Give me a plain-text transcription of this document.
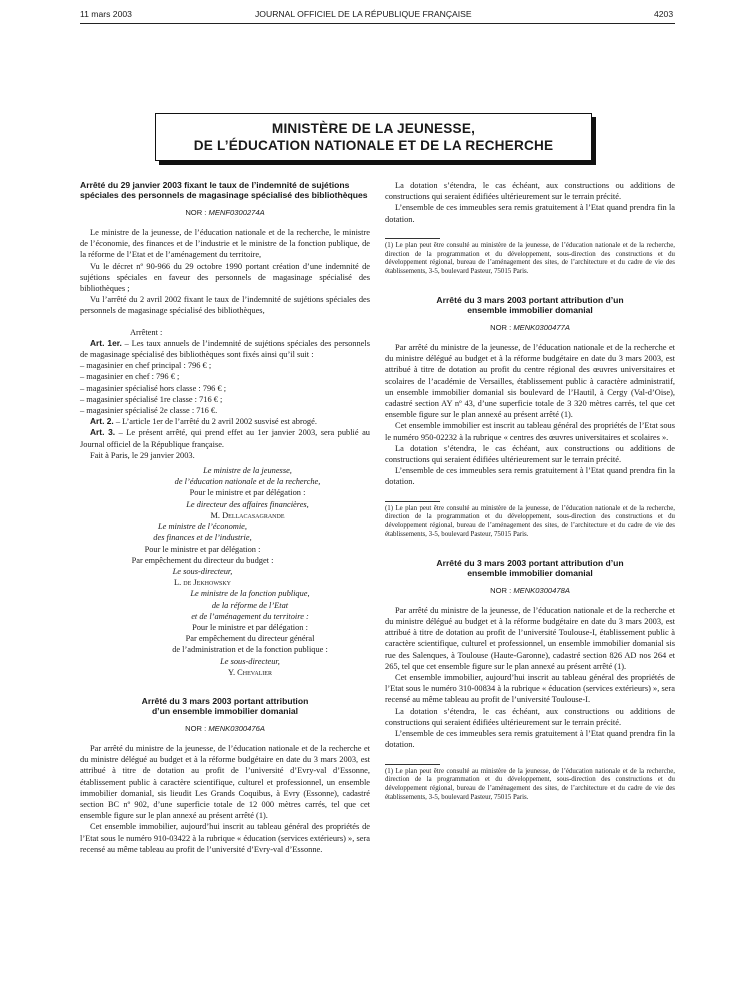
11 mars 2003	JOURNAL OFFICIEL DE LA RÉPUBLIQUE FRANÇAISE	4203
MINISTÈRE DE LA JEUNESSE,
DE L’ÉDUCATION NATIONALE ET DE LA RECHERCHE
Arrêté du 29 janvier 2003 fixant le taux de l’indemnité de sujétions spéciales des personnels de magasinage spécialisé des bibliothèques
NOR : MENF0300274A

Le ministre de la jeunesse, de l’éducation nationale et de la recherche, le ministre de l’économie, des finances et de l’industrie et le ministre de la fonction publique, de la réforme de l’Etat et de l’aménagement du territoire,

Vu le décret nº 90-966 du 29 octobre 1990 portant création d’une indemnité de sujétions spéciales en faveur des personnels de magasinage spécialisé des bibliothèques ;

Vu l’arrêté du 2 avril 2002 fixant le taux de l’indemnité de sujétions spéciales des personnels de magasinage spécialisé des bibliothèques,

Arrêtent :

Art. 1er. – Les taux annuels de l’indemnité de sujétions spéciales des personnels de magasinage spécialisé des bibliothèques sont fixés ainsi qu’il suit :

– magasinier en chef principal : 796 € ;
– magasinier en chef : 796 € ;
– magasinier spécialisé hors classe : 796 € ;
– magasinier spécialisé 1re classe : 716 € ;
– magasinier spécialisé 2e classe : 716 €.

Art. 2. – L’article 1er de l’arrêté du 2 avril 2002 susvisé est abrogé.

Art. 3. – Le présent arrêté, qui prend effet au 1er janvier 2003, sera publié au Journal officiel de la République française.

Fait à Paris, le 29 janvier 2003.

Le ministre de la jeunesse,
de l’éducation nationale et de la recherche,
Pour le ministre et par délégation :
Le directeur des affaires financières,
M. Dellacasagrande
Le ministre de l’économie,
des finances et de l’industrie,
Pour le ministre et par délégation :
Par empêchement du directeur du budget :
Le sous-directeur,
L. de Jekhowsky
Le ministre de la fonction publique,
de la réforme de l’Etat
et de l’aménagement du territoire :
Pour le ministre et par délégation :
Par empêchement du directeur général
de l’administration et de la fonction publique :
Le sous-directeur,
Y. Chevalier
Arrêté du 3 mars 2003 portant attribution d’un ensemble immobilier domanial
NOR : MENK0300476A

Par arrêté du ministre de la jeunesse, de l’éducation nationale et de la recherche et du ministre délégué au budget et à la réforme budgétaire en date du 3 mars 2003, est attribué à titre de dotation au profit de l’université d’Evry-val d’Essonne, établissement public à caractère scientifique, culturel et professionnel, un ensemble immobilier domanial, sis lieudit Les Grands Coquibus, à Evry (Essonne), cadastré section BC nº 902, d’une superficie totale de 12 000 mètres carrés, tel que cet ensemble figure sur le plan annexé au présent arrêté (1).

Cet ensemble immobilier, aujourd’hui inscrit au tableau général des propriétés de l’Etat sous le numéro 910-03422 à la rubrique « éducation (services extérieurs) », sera recensé au même tableau au profit de l’université d’Evry-val d’Essonne.

La dotation s’étendra, le cas échéant, aux constructions ou additions de constructions qui seraient édifiées ultérieurement sur le terrain précité.

L’ensemble de ces immeubles sera remis gratuitement à l’Etat quand prendra fin la dotation.

(1) Le plan peut être consulté au ministère de la jeunesse, de l’éducation nationale et de la recherche, direction de la programmation et du développement, sous-direction des constructions et du développement régional, bureau de l’aménagement des sites, de l’architecture et du cadre de vie des établissements, 3-5, boulevard Pasteur, 75015 Paris.
Arrêté du 3 mars 2003 portant attribution d’un ensemble immobilier domanial
NOR : MENK0300477A

Par arrêté du ministre de la jeunesse, de l’éducation nationale et de la recherche et du ministre délégué au budget et à la réforme budgétaire en date du 3 mars 2003, est attribué à titre de dotation au profit du centre régional des œuvres universitaires et scolaires de l’académie de Versailles, établissement public à caractère administratif, un ensemble immobilier domanial sis boulevard de l’Hautil, à Cergy (Val-d’Oise), cadastré section AY nº 43, d’une superficie totale de 3 320 mètres carrés, tel que cet ensemble figure sur le plan annexé au présent arrêté (1).

Cet ensemble immobilier est inscrit au tableau général des propriétés de l’Etat sous le numéro 950-02232 à la rubrique « centres des œuvres universitaires et scolaires ».

La dotation s’étendra, le cas échéant, aux constructions ou additions de constructions qui seraient édifiées ultérieurement sur le terrain précité.

L’ensemble de ces immeubles sera remis gratuitement à l’Etat quand prendra fin la dotation.

(1) Le plan peut être consulté au ministère de la jeunesse, de l’éducation nationale et de la recherche, direction de la programmation et du développement, sous-direction des constructions et du développement régional, bureau de l’aménagement des sites, de l’architecture et du cadre de vie des établissements, 3-5, boulevard Pasteur, 75015 Paris.
Arrêté du 3 mars 2003 portant attribution d’un ensemble immobilier domanial
NOR : MENK0300478A

Par arrêté du ministre de la jeunesse, de l’éducation nationale et de la recherche et du ministre délégué au budget et à la réforme budgétaire en date du 3 mars 2003, est attribué à titre de dotation au profit de l’université Toulouse-I, établissement public à caractère scientifique, culturel et professionnel, un ensemble immobilier domanial sis rue des Salenques, à Toulouse (Haute-Garonne), cadastré section 826 AD nos 264 et 265, tel que cet ensemble figure sur le plan annexé au présent arrêté (1).

Cet ensemble immobilier, aujourd’hui inscrit au tableau général des propriétés de l’Etat sous le numéro 310-00834 à la rubrique « éducation (services extérieurs) », sera recensé au même tableau au profit de l’université Toulouse-I.

La dotation s’étendra, le cas échéant, aux constructions ou additions de constructions qui seraient édifiées ultérieurement sur le terrain précité.

L’ensemble de ces immeubles sera remis gratuitement à l’Etat quand prendra fin la dotation.

(1) Le plan peut être consulté au ministère de la jeunesse, de l’éducation nationale et de la recherche, direction de la programmation et du développement, sous-direction des constructions et du développement régional, bureau de l’aménagement des sites, de l’architecture et du cadre de vie des établissements, 3-5, boulevard Pasteur, 75015 Paris.
